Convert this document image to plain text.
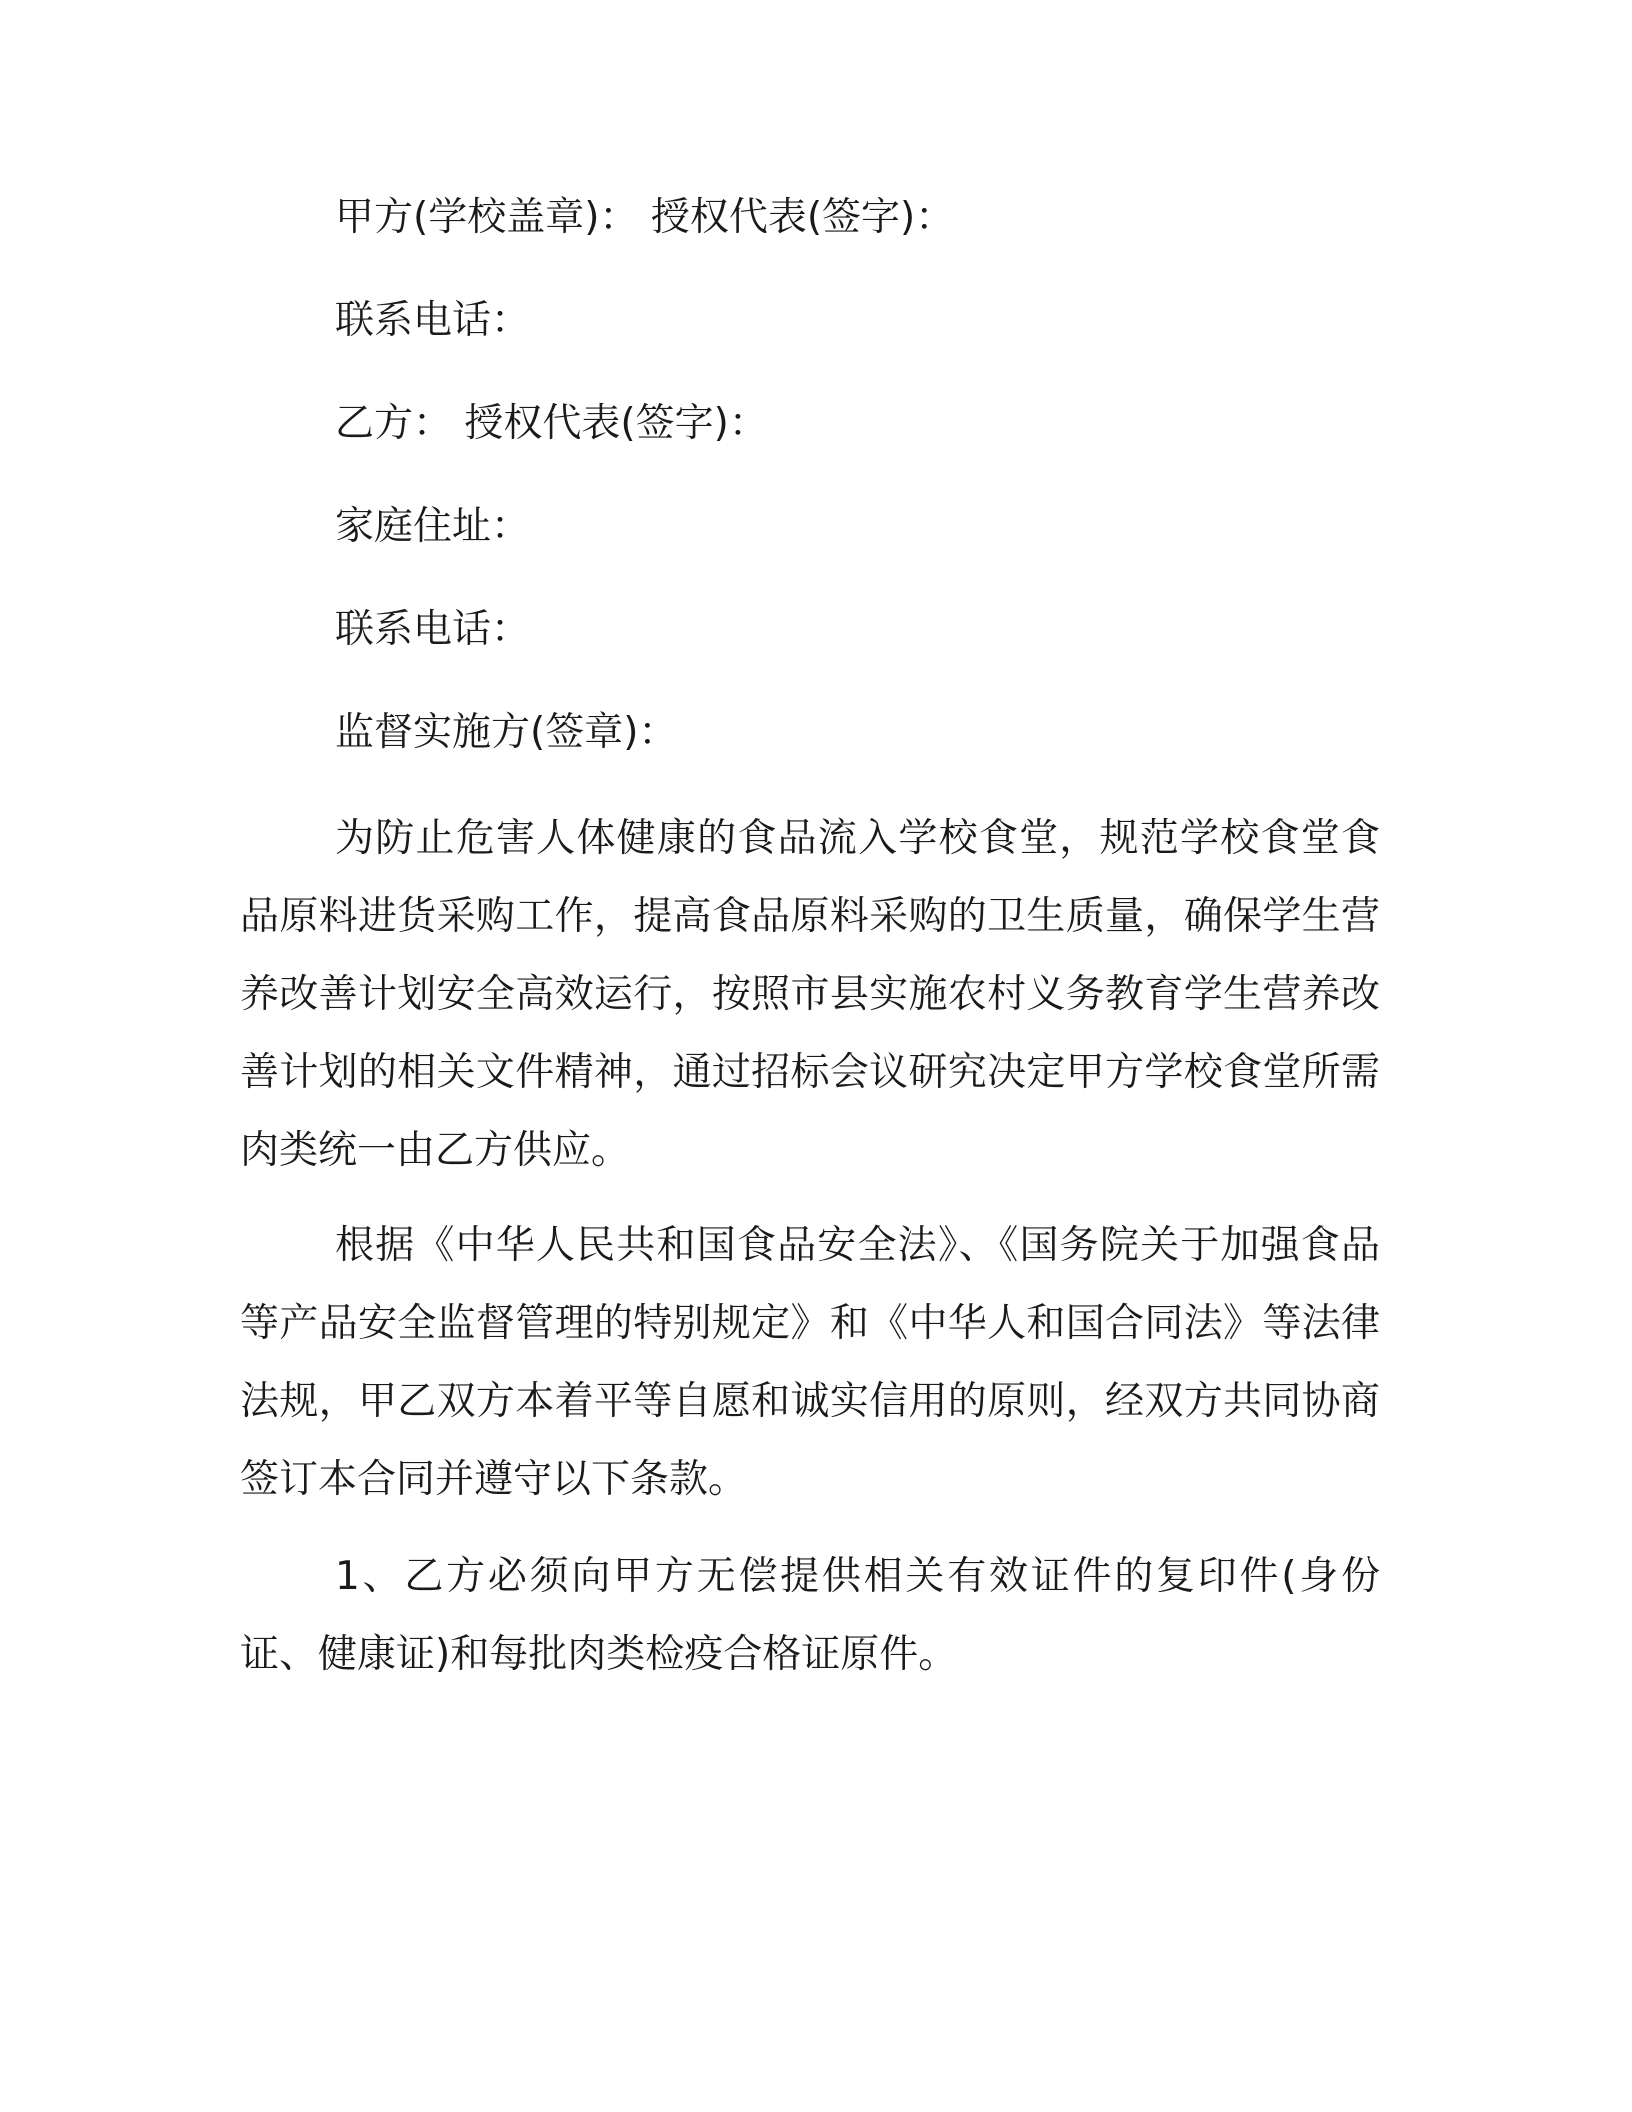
甲方(学校盖章)： 授权代表(签字)：
联系电话：
乙方： 授权代表(签字)：
家庭住址：
联系电话：
监督实施方(签章)：

为防止危害人体健康的食品流入学校食堂，规范学校食堂食品原料进货采购工作，提高食品原料采购的卫生质量，确保学生营养改善计划安全高效运行，按照市县实施农村义务教育学生营养改善计划的相关文件精神，通过招标会议研究决定甲方学校食堂所需肉类统一由乙方供应。

根据《中华人民共和国食品安全法》、《国务院关于加强食品等产品安全监督管理的特别规定》和《中华人和国合同法》等法律法规，甲乙双方本着平等自愿和诚实信用的原则，经双方共同协商签订本合同并遵守以下条款。

1、乙方必须向甲方无偿提供相关有效证件的复印件(身份证、健康证)和每批肉类检疫合格证原件。
